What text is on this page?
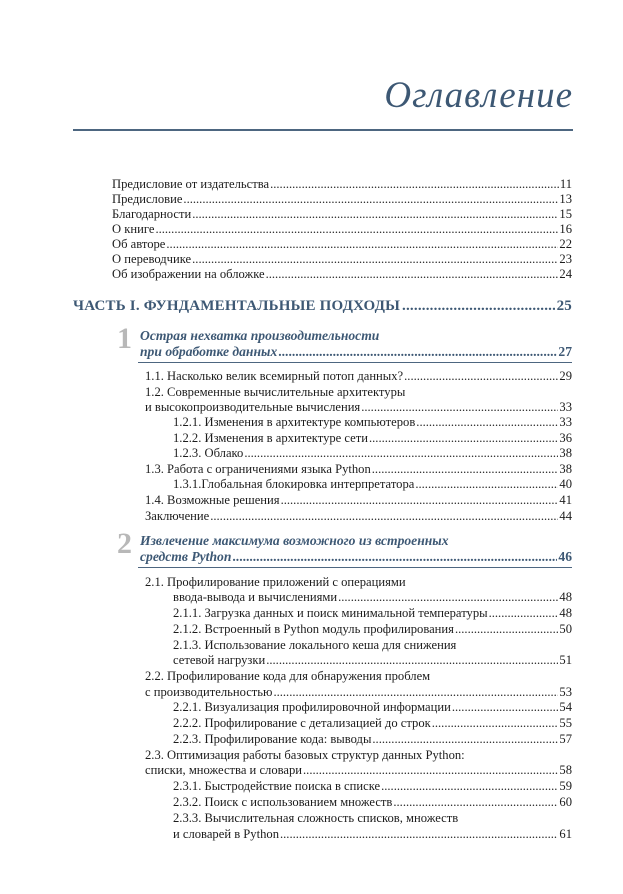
Оглавление
Предисловие от издательства .....	11
Предисловие .....	13
Благодарности .....	15
О книге .....	16
Об авторе .....	22
О переводчике .....	23
Об изображении на обложке .....	24
ЧАСТЬ I. ФУНДАМЕНТАЛЬНЫЕ ПОДХОДЫ .....	25
1 Острая нехватка производительности
при обработке данных .....	27
1.1. Насколько велик всемирный потоп данных? .....	29
1.2. Современные вычислительные архитектуры
и высокопроизводительные вычисления .....	33
1.2.1. Изменения в архитектуре компьютеров .....	33
1.2.2. Изменения в архитектуре сети .....	36
1.2.3. Облако .....	38
1.3. Работа с ограничениями языка Python .....	38
1.3.1.Глобальная блокировка интерпретатора .....	40
1.4. Возможные решения .....	41
Заключение .....	44
2 Извлечение максимума возможного из встроенных
средств Python .....	46
2.1. Профилирование приложений с операциями
ввода-вывода и вычислениями .....	48
2.1.1. Загрузка данных и поиск минимальной температуры .....	48
2.1.2. Встроенный в Python модуль профилирования .....	50
2.1.3. Использование локального кеша для снижения
сетевой нагрузки .....	51
2.2. Профилирование кода для обнаружения проблем
с производительностью .....	53
2.2.1. Визуализация профилировочной информации .....	54
2.2.2. Профилирование с детализацией до строк .....	55
2.2.3. Профилирование кода: выводы .....	57
2.3. Оптимизация работы базовых структур данных Python:
списки, множества и словари .....	58
2.3.1. Быстродействие поиска в списке .....	59
2.3.2. Поиск с использованием множеств .....	60
2.3.3. Вычислительная сложность списков, множеств
и словарей в Python .....	61
